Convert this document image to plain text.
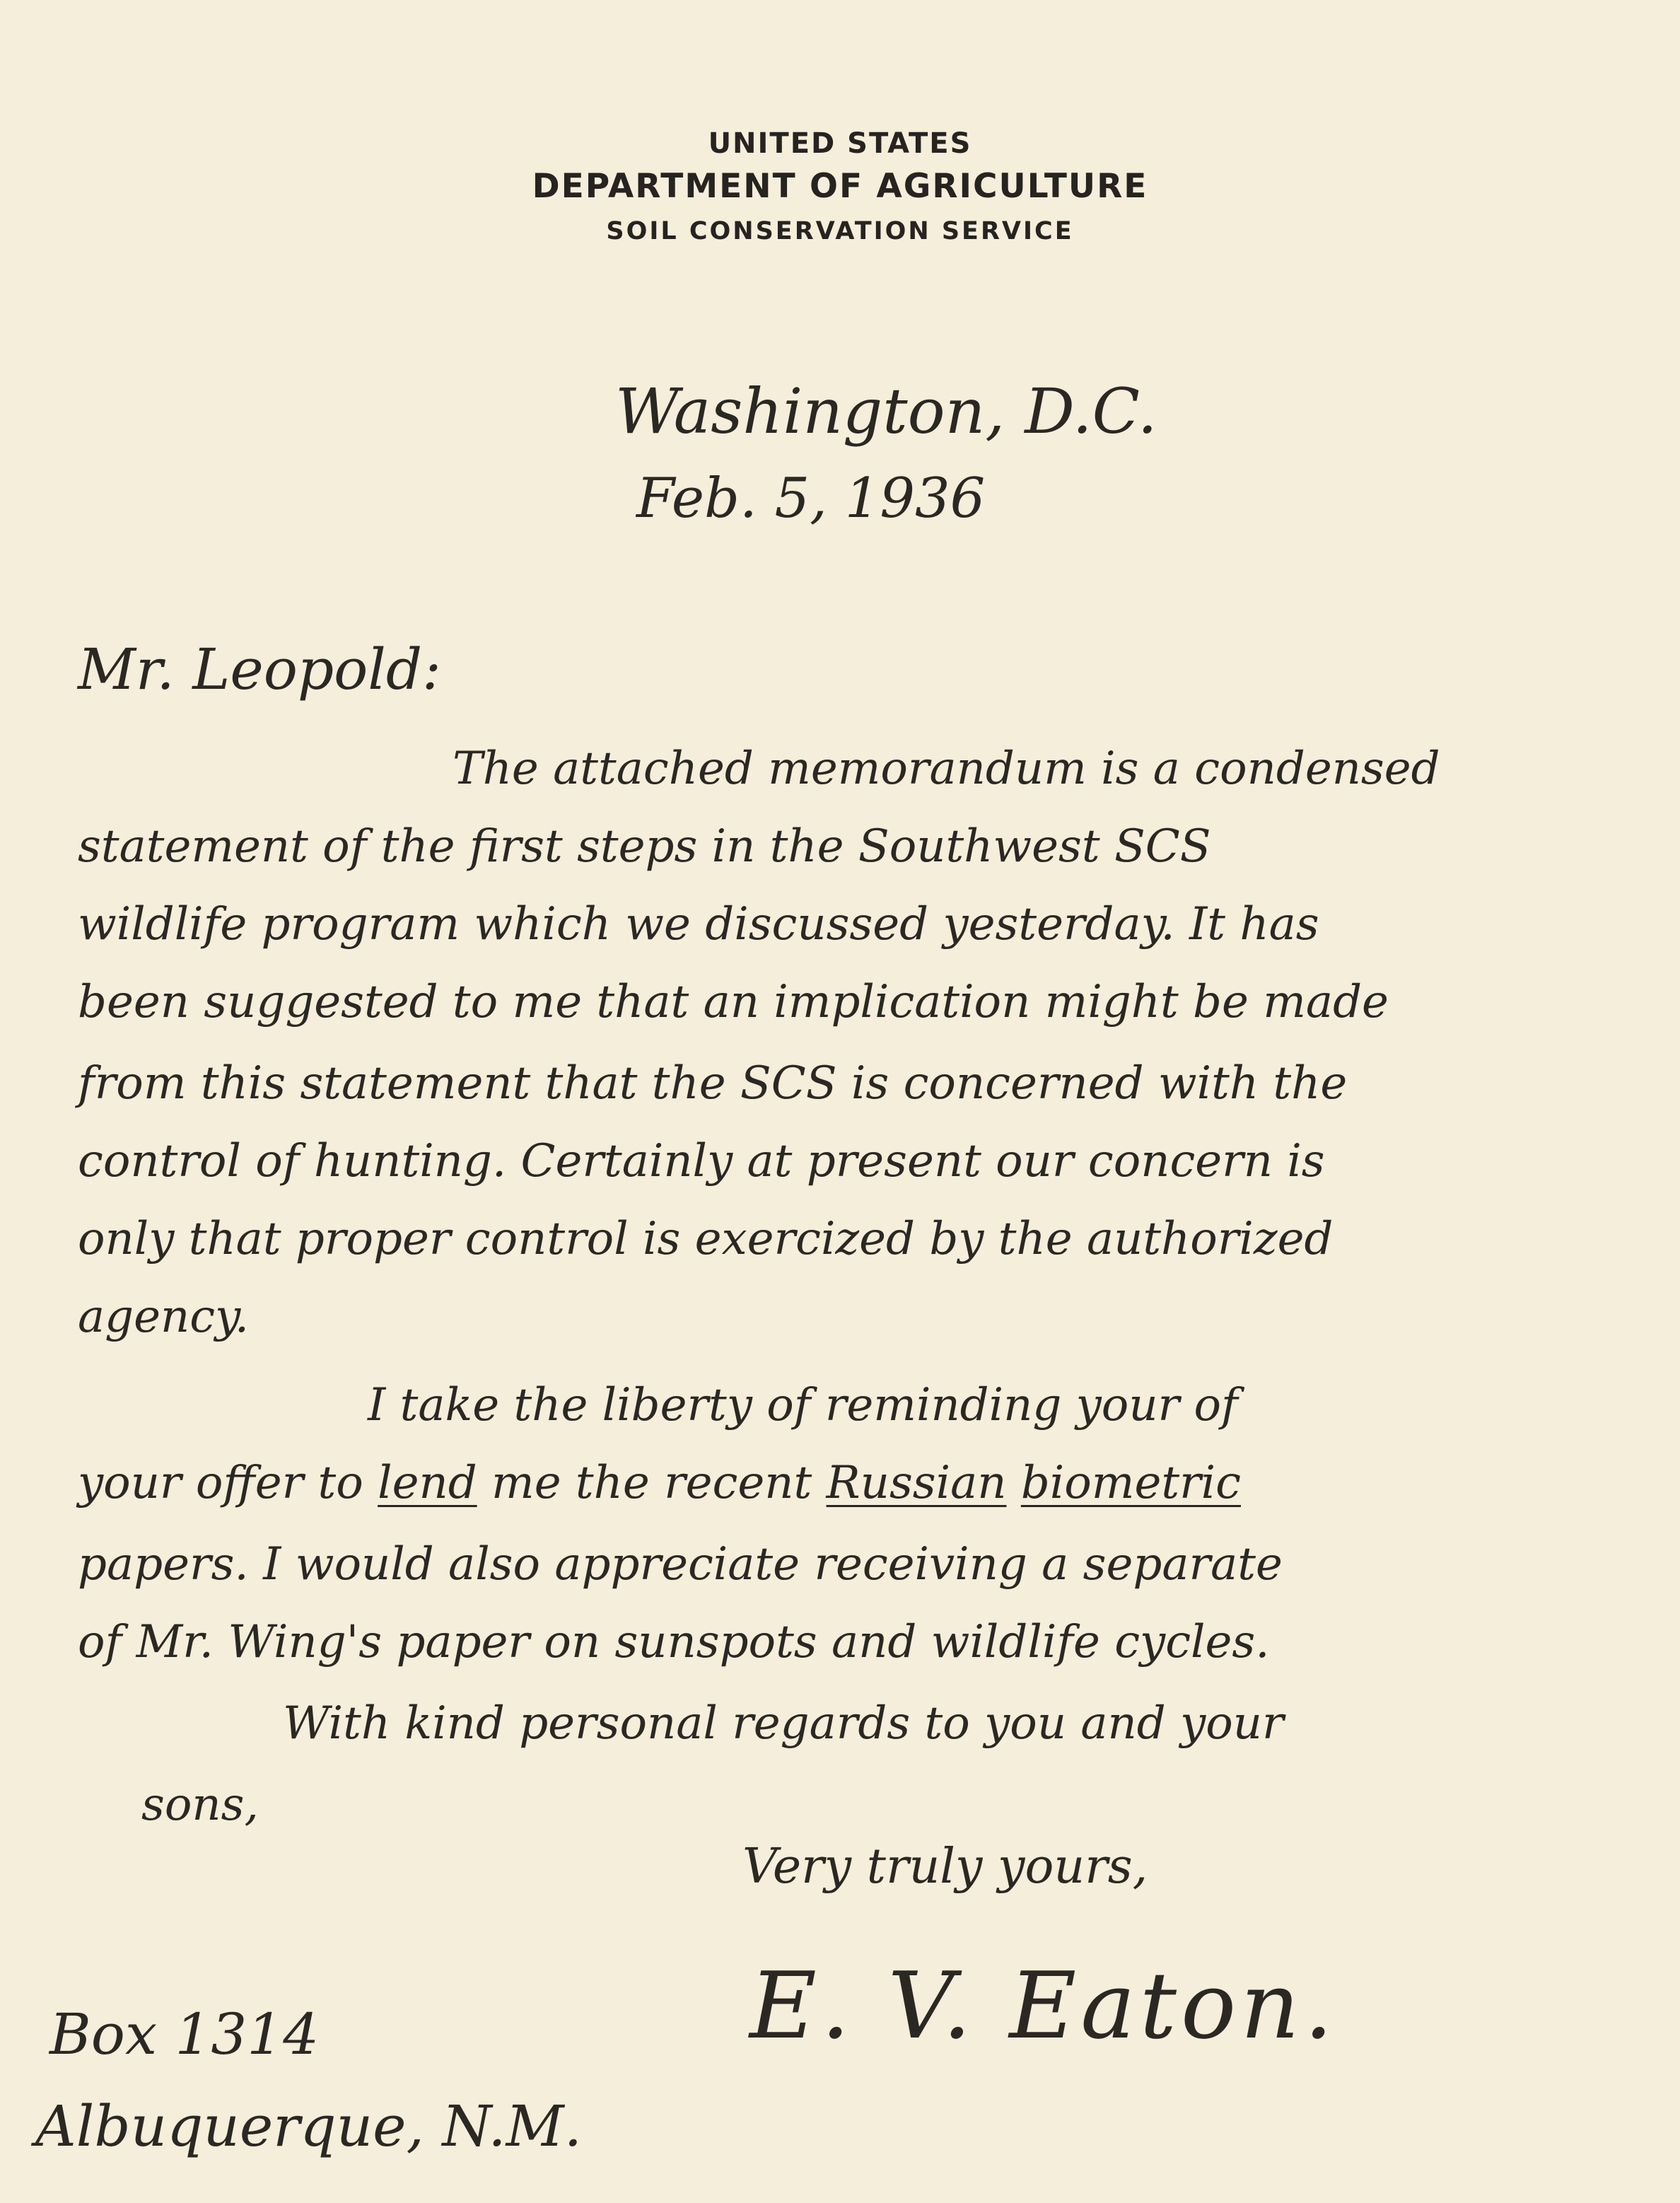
UNITED STATES
DEPARTMENT OF AGRICULTURE
SOIL CONSERVATION SERVICE
Washington, D.C.
Feb. 5, 1936
Mr. Leopold:
The attached memorandum is a condensed
statement of the first steps in the Southwest SCS
wildlife program which we discussed yesterday. It has
been suggested to me that an implication might be made
from this statement that the SCS is concerned with the
control of hunting. Certainly at present our concern is
only that proper control is exercized by the authorized
agency.
I take the liberty of reminding your of
your offer to lend me the recent Russian biometric
papers. I would also appreciate receiving a separate
of Mr. Wing's paper on sunspots and wildlife cycles.
With kind personal regards to you and your
sons,
Very truly yours,
E. V. Eaton.
Box 1314
Albuquerque, N.M.
